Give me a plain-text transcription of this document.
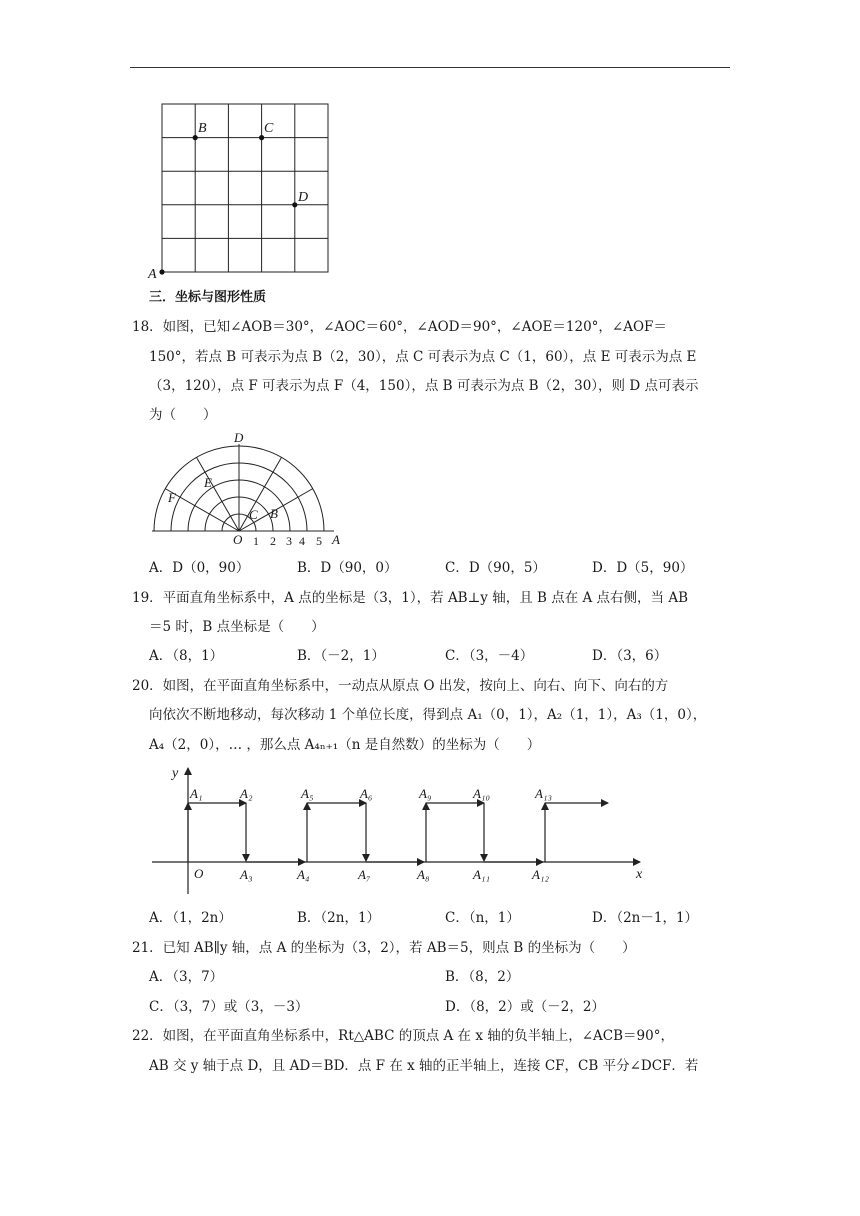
A
B	C
D
三．坐标与图形性质
18．如图，已知∠AOB＝30°，∠AOC＝60°，∠AOD＝90°，∠AOE＝120°，∠AOF＝
150°，若点 B 可表示为点 B（2，30），点 C 可表示为点 C（1，60），点 E 可表示为点 E
（3，120），点 F 可表示为点 F（4，150），点 B 可表示为点 B（2，30），则 D 点可表示
为（　　）
D
E
F
C B
O	A
1 2 3 4 5
A．D（0，90）	B．D（90，0）	C．D（90，5）	D．D（5，90）
19．平面直角坐标系中，A 点的坐标是（3，1），若 AB⊥y 轴，且 B 点在 A 点右侧，当 AB
＝5 时，B 点坐标是（　　）
A．（8，1）	B．（－2，1）	C．（3，－4）	D．（3，6）
20．如图，在平面直角坐标系中，一动点从原点 O 出发，按向上、向右、向下、向右的方
向依次不断地移动，每次移动 1 个单位长度，得到点 A₁（0，1），A₂（1，1），A₃（1，0），
A₄（2，0），… ，那么点 A₄ₙ₊₁（n 是自然数）的坐标为（　　）
y
x
O
A₁	A₂	A₅	A₆	A₉	A₁₀	A₁₃
A₃	A₄	A₇	A₈	A₁₁	A₁₂
A．（1，2n）	B．（2n，1）	C．（n，1）	D．（2n－1，1）
21．已知 AB∥y 轴，点 A 的坐标为（3，2），若 AB＝5，则点 B 的坐标为（　　）
A．（3，7）	B．（8，2）
C．（3，7）或（3，－3）	D．（8，2）或（－2，2）
22．如图，在平面直角坐标系中，Rt△ABC 的顶点 A 在 x 轴的负半轴上，∠ACB＝90°，
AB 交 y 轴于点 D，且 AD＝BD．点 F 在 x 轴的正半轴上，连接 CF，CB 平分∠DCF．若
